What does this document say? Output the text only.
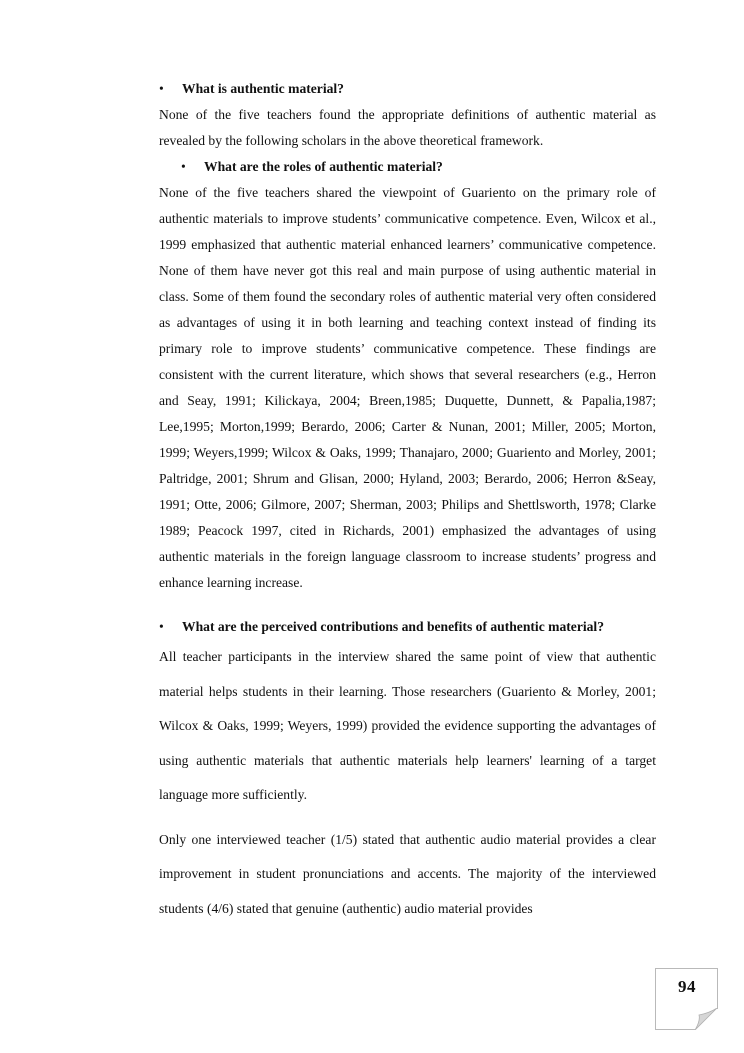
•	What is authentic material?

None of the five teachers found the appropriate definitions of authentic material as revealed by the following scholars in the above theoretical framework.

•	What are the roles of authentic material?

None of the five teachers shared the viewpoint of Guariento on the primary role of authentic materials to improve students’ communicative competence. Even, Wilcox et al., 1999 emphasized that authentic material enhanced learners’ communicative competence. None of them have never got this real and main purpose of using authentic material in class. Some of them found the secondary roles of authentic material very often considered as advantages of using it in both learning and teaching context instead of finding its primary role to improve students’ communicative competence. These findings are consistent with the current literature, which shows that several researchers (e.g., Herron and Seay, 1991; Kilickaya, 2004; Breen,1985; Duquette, Dunnett, & Papalia,1987; Lee,1995; Morton,1999; Berardo, 2006; Carter & Nunan, 2001; Miller, 2005; Morton, 1999; Weyers,1999; Wilcox & Oaks, 1999; Thanajaro, 2000; Guariento and Morley, 2001; Paltridge, 2001; Shrum and Glisan, 2000; Hyland, 2003; Berardo, 2006; Herron &Seay, 1991; Otte, 2006; Gilmore, 2007; Sherman, 2003; Philips and Shettlsworth, 1978; Clarke 1989; Peacock 1997, cited in Richards, 2001) emphasized the advantages of using authentic materials in the foreign language classroom to increase students’ progress and enhance learning increase.

•	What are the perceived contributions and benefits of authentic material?

All teacher participants in the interview shared the same point of view that authentic material helps students in their learning. Those researchers (Guariento & Morley, 2001; Wilcox & Oaks, 1999; Weyers, 1999) provided the evidence supporting the advantages of using authentic materials that authentic materials help learners' learning of a target language more sufficiently.

Only one interviewed teacher (1/5) stated that authentic audio material provides a clear improvement in student pronunciations and accents. The majority of the interviewed students (4/6) stated that genuine (authentic) audio material provides

94
